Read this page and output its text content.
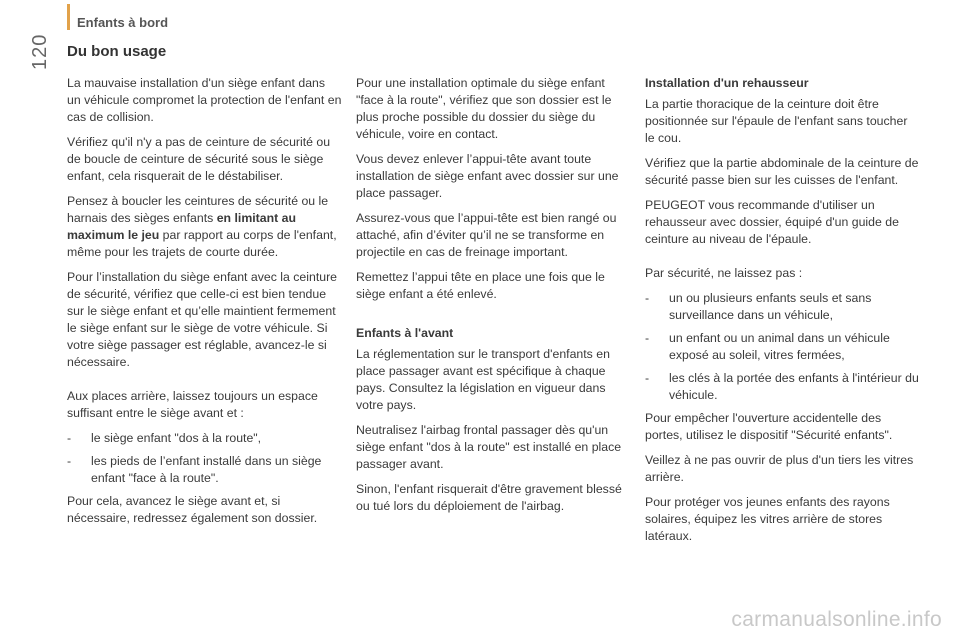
Enfants à bord
120 Du bon usage

La mauvaise installation d'un siège enfant dans un véhicule compromet la protection de l'enfant en cas de collision.

Vérifiez qu'il n'y a pas de ceinture de sécurité ou de boucle de ceinture de sécurité sous le siège enfant, cela risquerait de le déstabiliser.

Pensez à boucler les ceintures de sécurité ou le harnais des sièges enfants en limitant au maximum le jeu par rapport au corps de l'enfant, même pour les trajets de courte durée.

Pour l’installation du siège enfant avec la ceinture de sécurité, vérifiez que celle-ci est bien tendue sur le siège enfant et qu’elle maintient fermement le siège enfant sur le siège de votre véhicule. Si votre siège passager est réglable, avancez-le si nécessaire.

Aux places arrière, laissez toujours un espace suffisant entre le siège avant et :

- le siège enfant "dos à la route",
- les pieds de l’enfant installé dans un siège enfant "face à la route".

Pour cela, avancez le siège avant et, si nécessaire, redressez également son dossier.

Pour une installation optimale du siège enfant "face à la route", vérifiez que son dossier est le plus proche possible du dossier du siège du véhicule, voire en contact.

Vous devez enlever l’appui-tête avant toute installation de siège enfant avec dossier sur une place passager.

Assurez-vous que l’appui-tête est bien rangé ou attaché, afin d’éviter qu’il ne se transforme en projectile en cas de freinage important.

Remettez l’appui tête en place une fois que le siège enfant a été enlevé.

Enfants à l'avant

La réglementation sur le transport d'enfants en place passager avant est spécifique à chaque pays. Consultez la législation en vigueur dans votre pays.

Neutralisez l'airbag frontal passager dès qu'un siège enfant "dos à la route" est installé en place passager avant.

Sinon, l'enfant risquerait d'être gravement blessé ou tué lors du déploiement de l'airbag.

Installation d'un rehausseur

La partie thoracique de la ceinture doit être positionnée sur l'épaule de l'enfant sans toucher le cou.

Vérifiez que la partie abdominale de la ceinture de sécurité passe bien sur les cuisses de l'enfant.

PEUGEOT vous recommande d'utiliser un rehausseur avec dossier, équipé d'un guide de ceinture au niveau de l'épaule.

Par sécurité, ne laissez pas :

- un ou plusieurs enfants seuls et sans surveillance dans un véhicule,
- un enfant ou un animal dans un véhicule exposé au soleil, vitres fermées,
- les clés à la portée des enfants à l'intérieur du véhicule.

Pour empêcher l'ouverture accidentelle des portes, utilisez le dispositif "Sécurité enfants".

Veillez à ne pas ouvrir de plus d'un tiers les vitres arrière.

Pour protéger vos jeunes enfants des rayons solaires, équipez les vitres arrière de stores latéraux.

carmanualsonline.info
